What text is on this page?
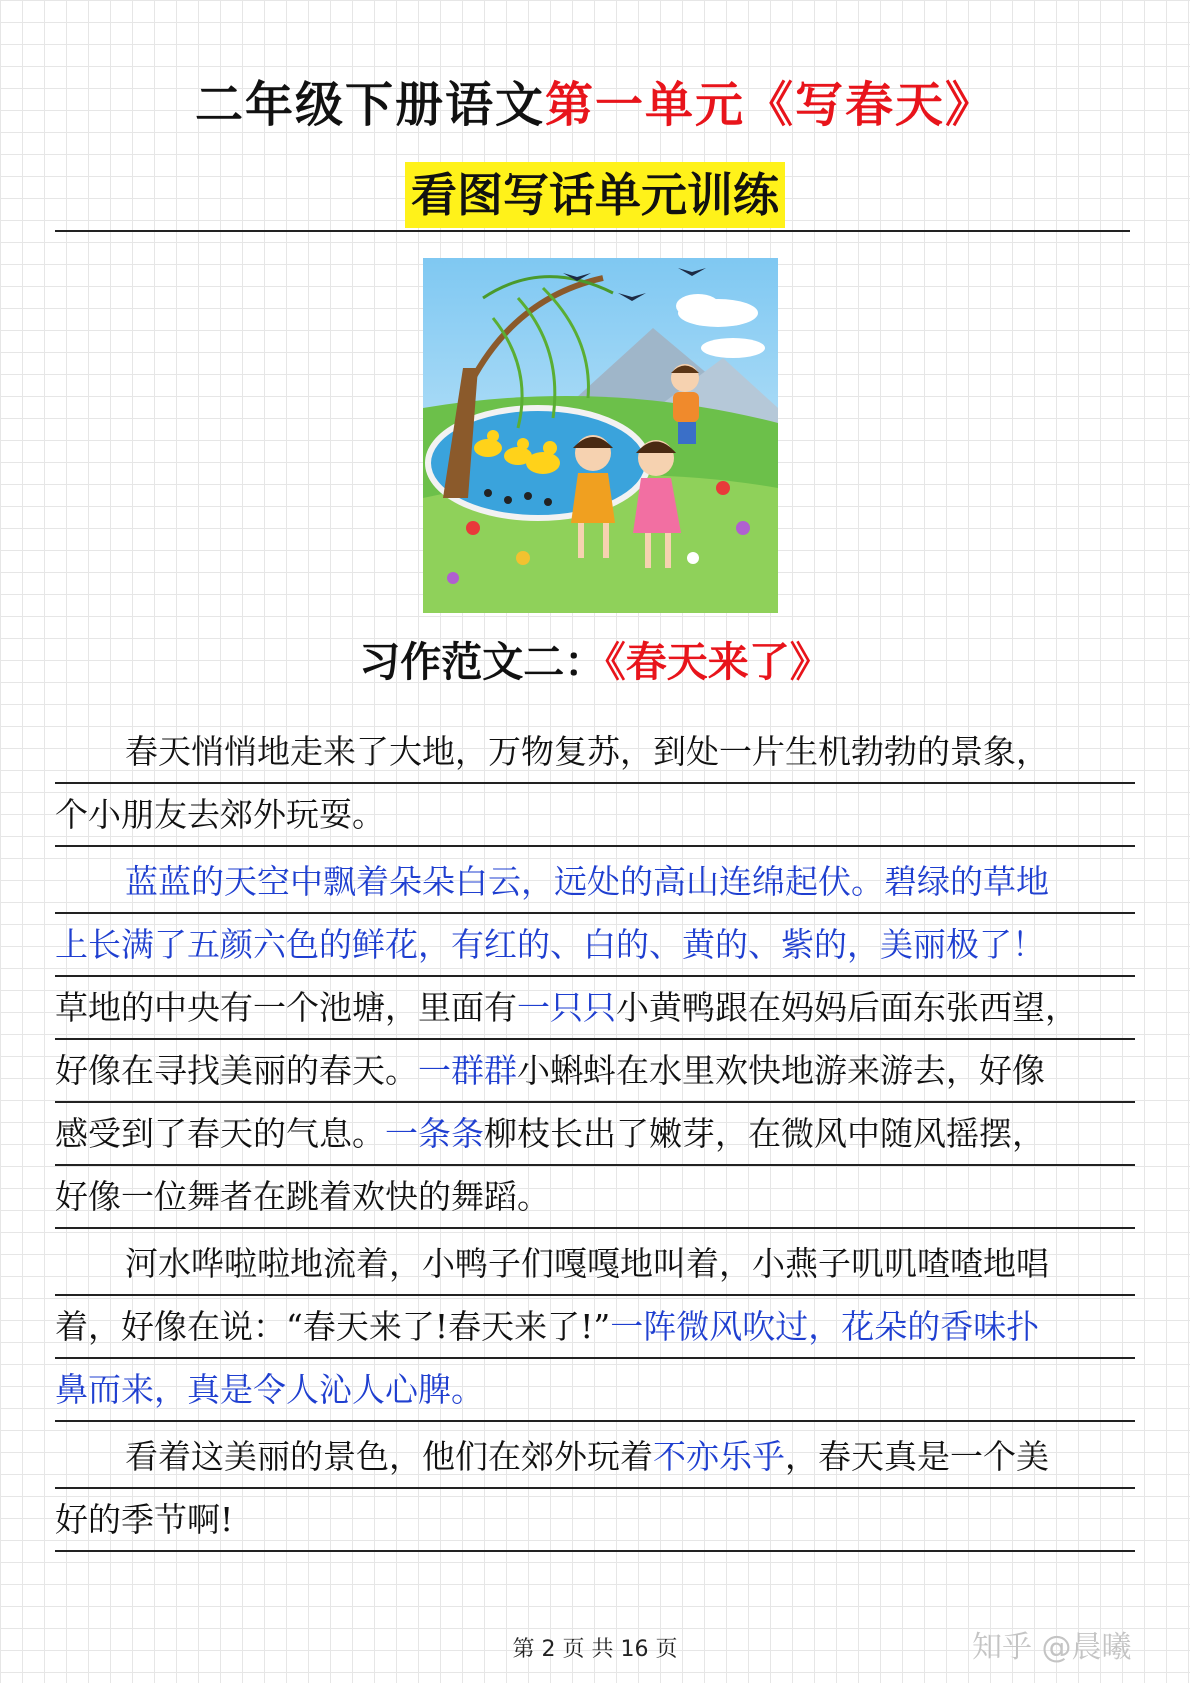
二年级下册语文第一单元《写春天》
看图写话单元训练
习作范文二：《春天来了》
春天悄悄地走来了大地，万物复苏，到处一片生机勃勃的景象，
个小朋友去郊外玩耍。
蓝蓝的天空中飘着朵朵白云，远处的高山连绵起伏。碧绿的草地
上长满了五颜六色的鲜花，有红的、白的、黄的、紫的，美丽极了！
草地的中央有一个池塘，里面有一只只小黄鸭跟在妈妈后面东张西望，
好像在寻找美丽的春天。一群群小蝌蚪在水里欢快地游来游去，好像
感受到了春天的气息。一条条柳枝长出了嫩芽，在微风中随风摇摆，
好像一位舞者在跳着欢快的舞蹈。
河水哗啦啦地流着，小鸭子们嘎嘎地叫着，小燕子叽叽喳喳地唱
着，好像在说：“春天来了!春天来了!”一阵微风吹过，花朵的香味扑
鼻而来，真是令人沁人心脾。
看着这美丽的景色，他们在郊外玩着不亦乐乎，春天真是一个美
好的季节啊!
第 2 页 共 16 页	知乎 @晨曦
